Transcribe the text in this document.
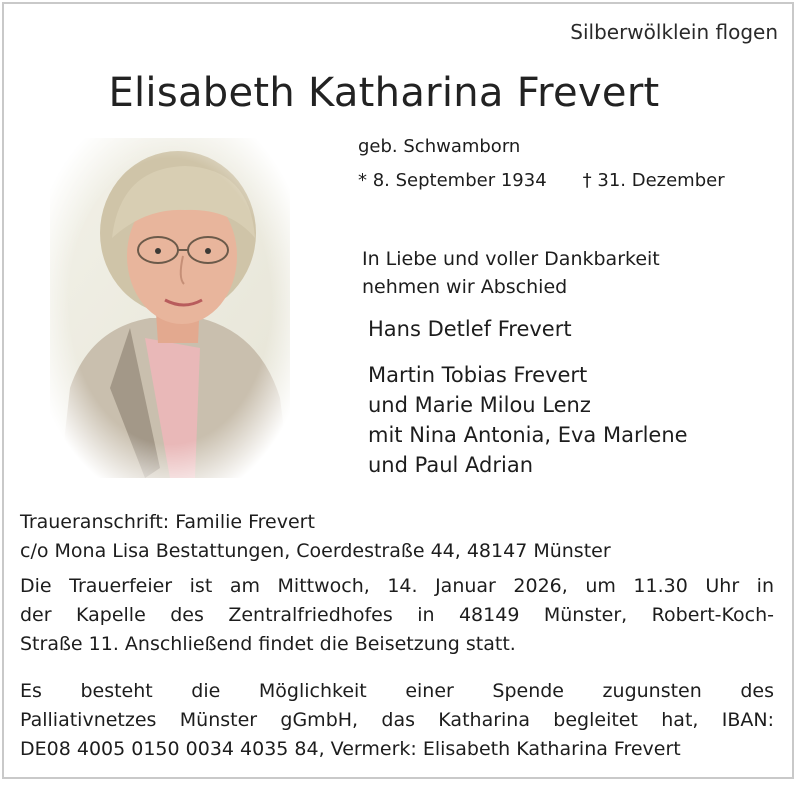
Silberwölklein flogen
Elisabeth Katharina Frevert
geb. Schwamborn
* 8. September 1934 † 31. Dezember
In Liebe und voller Dankbarkeit
nehmen wir Abschied
Hans Detlef Frevert
Martin Tobias Frevert
und Marie Milou Lenz
mit Nina Antonia, Eva Marlene
und Paul Adrian
Traueranschrift: Familie Frevert
c/o Mona Lisa Bestattungen, Coerdestraße 44, 48147 Münster
Die Trauerfeier ist am Mittwoch, 14. Januar 2026, um 11.30 Uhr in
der Kapelle des Zentralfriedhofes in 48149 Münster, Robert-Koch-
Straße 11. Anschließend findet die Beisetzung statt.
Es besteht die Möglichkeit einer Spende zugunsten des
Palliativnetzes Münster gGmbH, das Katharina begleitet hat, IBAN:
DE08 4005 0150 0034 4035 84, Vermerk: Elisabeth Katharina Frevert
